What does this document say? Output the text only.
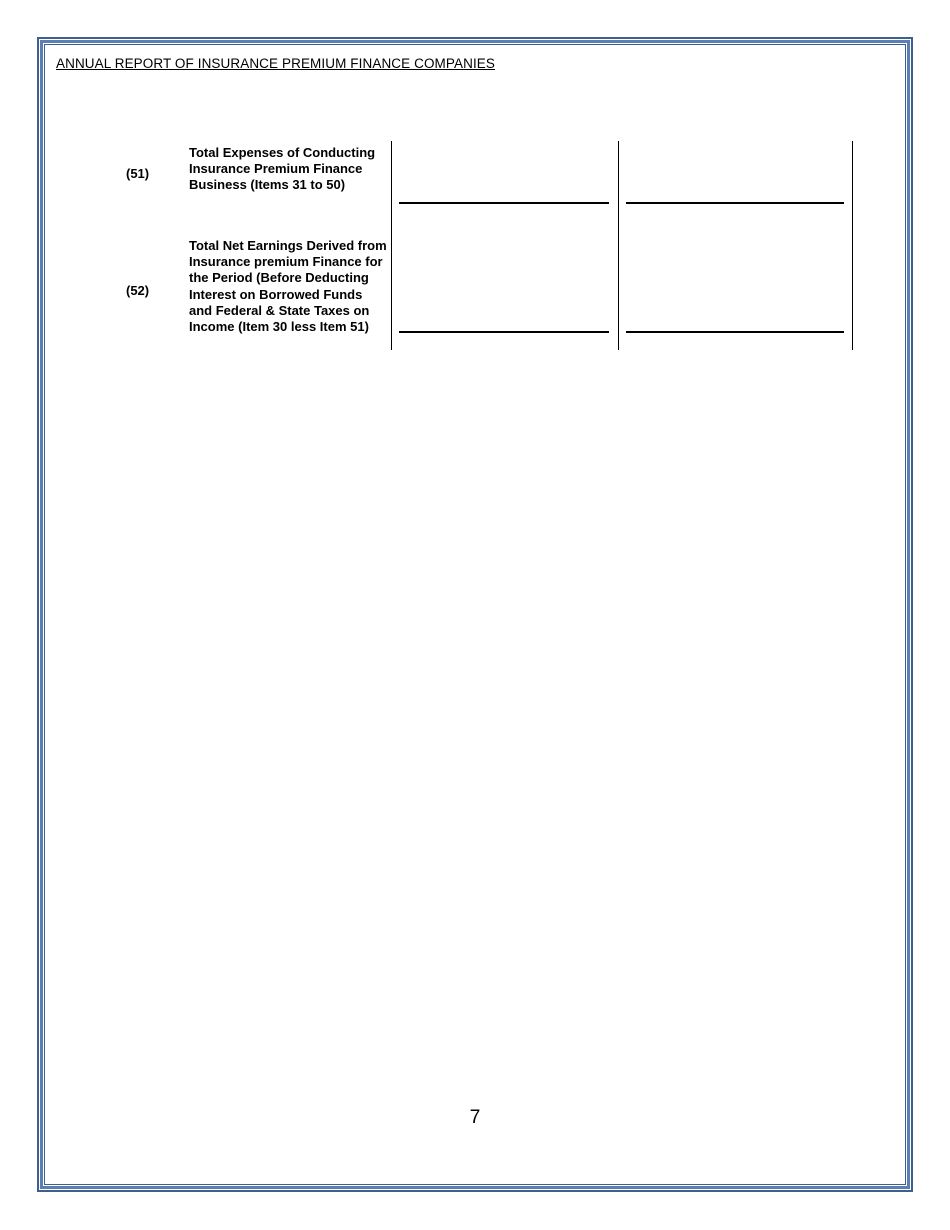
ANNUAL REPORT OF INSURANCE PREMIUM FINANCE COMPANIES
(51)
Total Expenses of Conducting Insurance Premium Finance Business (Items 31 to 50)
(52)
Total Net Earnings Derived from Insurance premium Finance for the Period (Before Deducting Interest on Borrowed Funds and Federal & State Taxes on Income (Item 30 less Item 51)
7
